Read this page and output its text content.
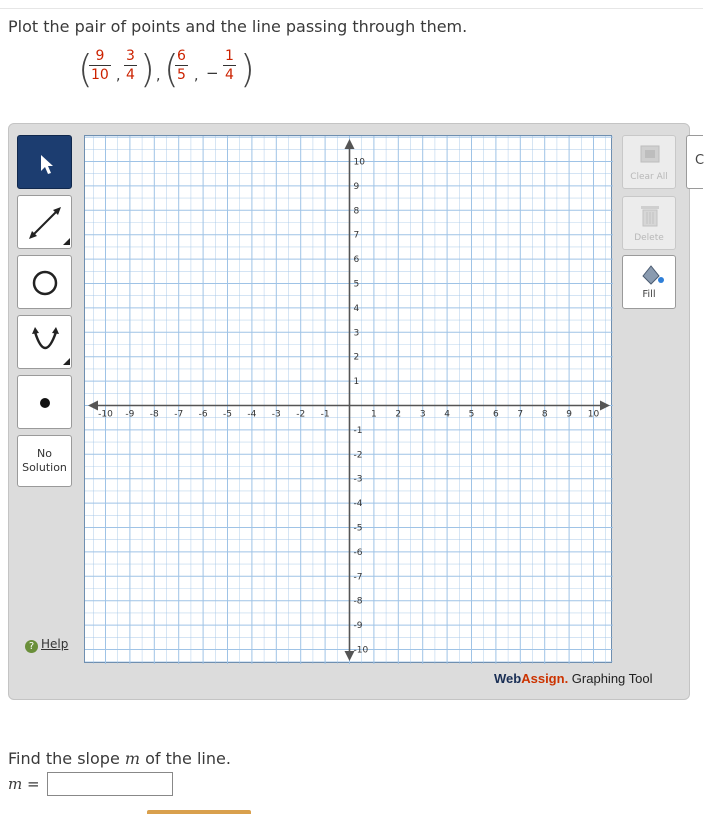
Plot the pair of points and the line passing through them.
(
$\frac{9}{10}$ , $\frac{3}{4}$ ) , (
$\frac{6}{5}$ , − $\frac{1}{4}$ )
No
Solution
? Help
-10 -9 -8 -7 -6 -5 -4 -3 -2 -1	1 2 3 4 5 6 7 8 9 10
10
9
8
7
6
5
4
3
2
1
-1
-2
-3
-4
-5
-6
-7
-8
-9
-10
Clear All
Delete
Fill
C
WebAssign. Graphing Tool
Find the slope m of the line.
m =
